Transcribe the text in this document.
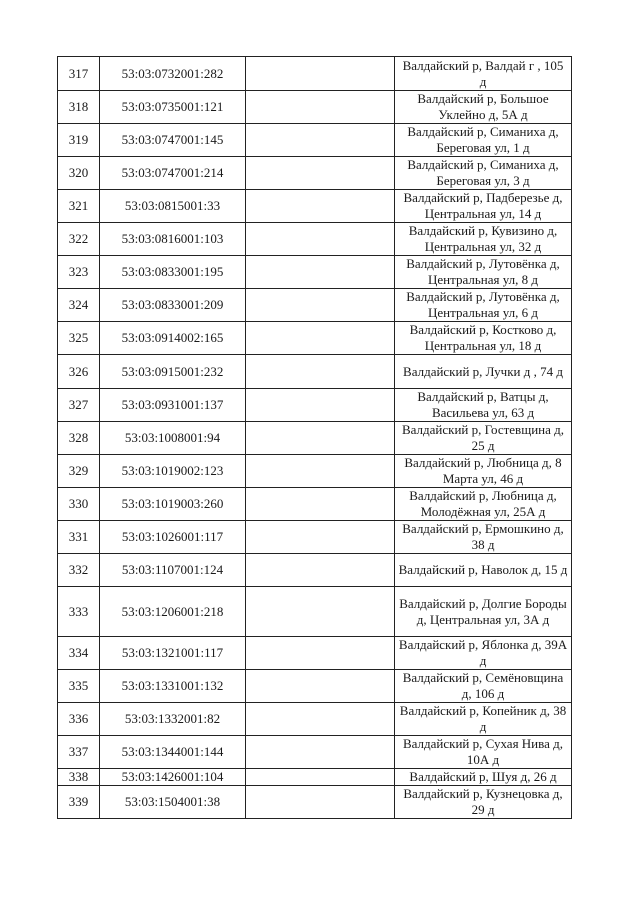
317	53:03:0732001:282		Валдайский р, Валдай г , 105 д
318	53:03:0735001:121		Валдайский р, Большое Уклейно д, 5А д
319	53:03:0747001:145		Валдайский р, Симаниха д, Береговая ул, 1 д
320	53:03:0747001:214		Валдайский р, Симаниха д, Береговая ул, 3 д
321	53:03:0815001:33		Валдайский р, Падберезье д, Центральная ул, 14 д
322	53:03:0816001:103		Валдайский р, Кувизино д, Центральная ул, 32 д
323	53:03:0833001:195		Валдайский р, Лутовёнка д, Центральная ул, 8 д
324	53:03:0833001:209		Валдайский р, Лутовёнка д, Центральная ул, 6 д
325	53:03:0914002:165		Валдайский р, Костково д, Центральная ул, 18 д
326	53:03:0915001:232		Валдайский р, Лучки д , 74 д
327	53:03:0931001:137		Валдайский р, Ватцы д, Васильева ул, 63 д
328	53:03:1008001:94		Валдайский р, Гостевщина д, 25 д
329	53:03:1019002:123		Валдайский р, Любница д, 8 Марта ул, 46 д
330	53:03:1019003:260		Валдайский р, Любница д, Молодёжная ул, 25А д
331	53:03:1026001:117		Валдайский р, Ермошкино д, 38 д
332	53:03:1107001:124		Валдайский р, Наволок д, 15 д
333	53:03:1206001:218		Валдайский р, Долгие Бороды д, Центральная ул, 3А д
334	53:03:1321001:117		Валдайский р, Яблонка д, 39А д
335	53:03:1331001:132		Валдайский р, Семёновщина д, 106 д
336	53:03:1332001:82		Валдайский р, Копейник д, 38 д
337	53:03:1344001:144		Валдайский р, Сухая Нива д, 10А д
338	53:03:1426001:104		Валдайский р, Шуя д, 26 д
339	53:03:1504001:38		Валдайский р, Кузнецовка д, 29 д
